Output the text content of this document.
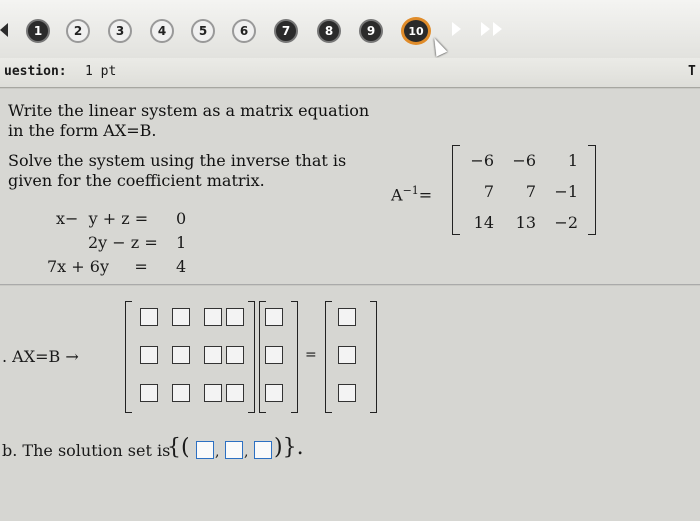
1	2	3	4	5	6	7	8	9	10
uestion: 1 pt	T
Write the linear system as a matrix equation
in the form AX=B.
Solve the system using the inverse that is
given for the coefficient matrix.
x−  y + z = 0
2y − z = 1
7x + 6y     = 4
$A^{-1}=$
−6	−6	1
7	7	−1
14	13	−2
. AX=B →	=
b. The solution set is
{( , , )}.
